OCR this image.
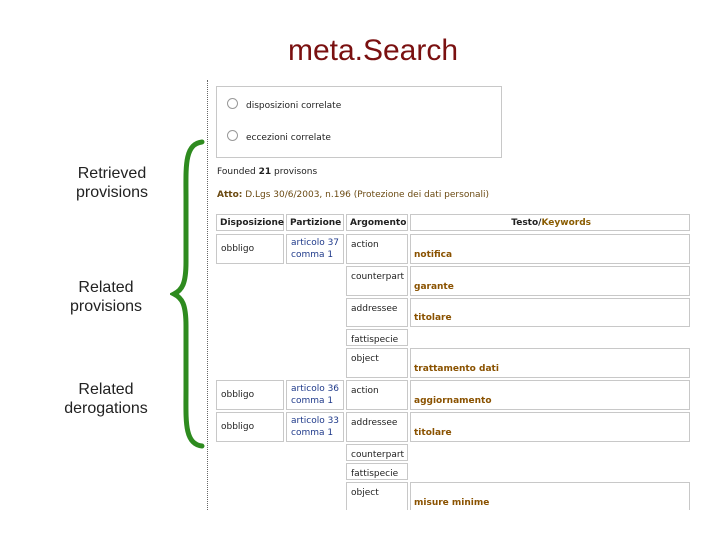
meta.Search
Retrieved provisions
Related provisions
Related derogations
disposizioni correlate
eccezioni correlate
Founded 21 provisons
Atto: D.Lgs 30/6/2003, n.196 (Protezione dei dati personali)
Disposizione Partizione Argomento	Testo/Keywords
obbligo
articolo 37
comma 1
action
notifica
counterpart
garante
addressee
titolare
fattispecie
object
trattamento dati
obbligo
articolo 36
comma 1
action
aggiornamento
obbligo
articolo 33
comma 1
addressee
titolare
counterpart
fattispecie
object
misure minime
